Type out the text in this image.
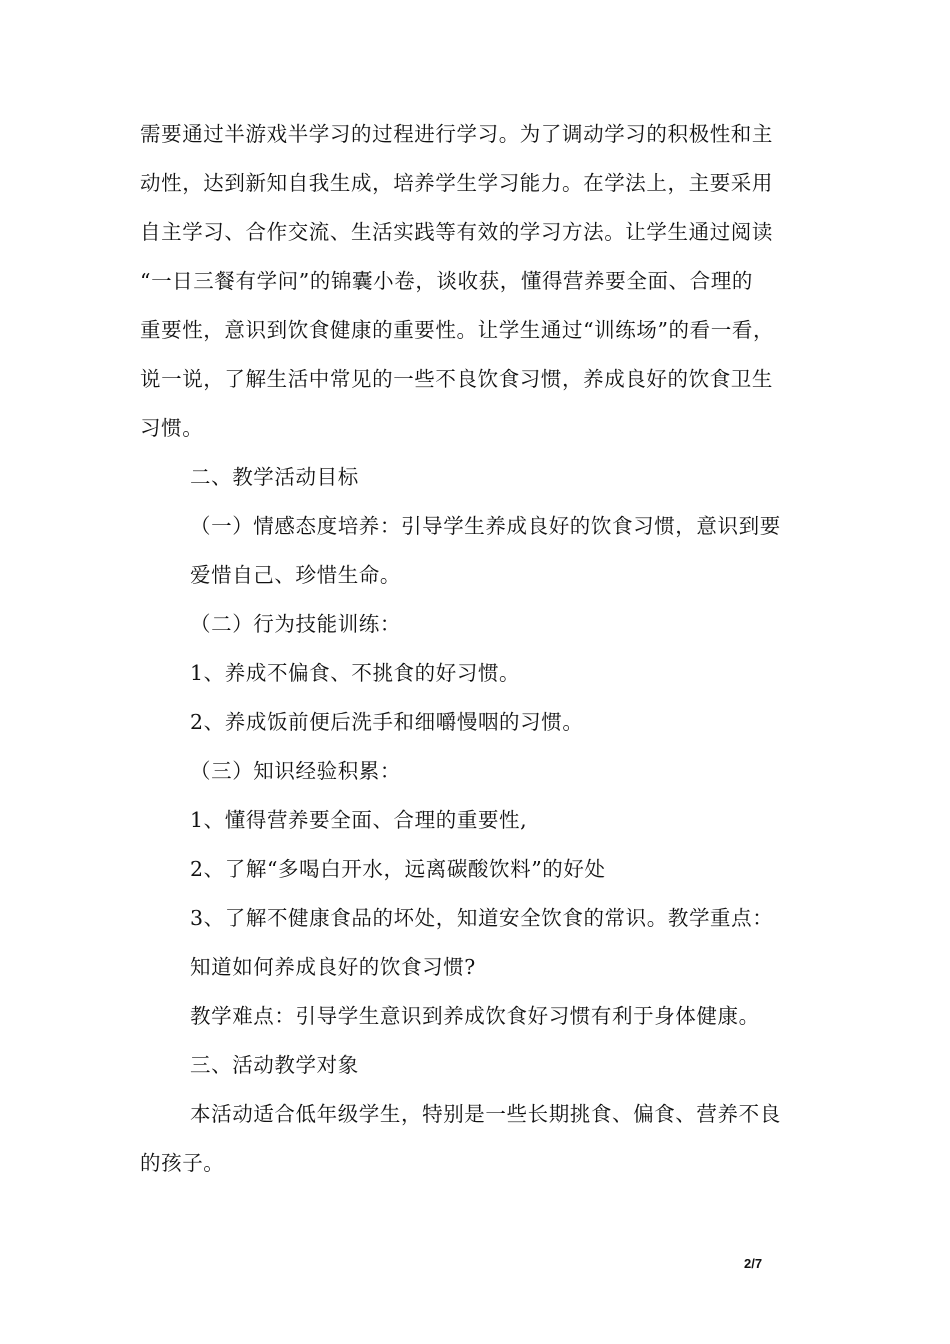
需要通过半游戏半学习的过程进行学习。为了调动学习的积极性和主

动性，达到新知自我生成，培养学生学习能力。在学法上，主要采用

自主学习、合作交流、生活实践等有效的学习方法。让学生通过阅读

“一日三餐有学问”的锦囊小卷，谈收获，懂得营养要全面、合理的

重要性，意识到饮食健康的重要性。让学生通过“训练场”的看一看，

说一说，了解生活中常见的一些不良饮食习惯，养成良好的饮食卫生

习惯。

二、教学活动目标

（一）情感态度培养：引导学生养成良好的饮食习惯，意识到要

爱惜自己、珍惜生命。

（二）行为技能训练：

1、养成不偏食、不挑食的好习惯。

2、养成饭前便后洗手和细嚼慢咽的习惯。

（三）知识经验积累：

1、懂得营养要全面、合理的重要性,

2、了解“多喝白开水，远离碳酸饮料”的好处

3、了解不健康食品的坏处，知道安全饮食的常识。教学重点：

知道如何养成良好的饮食习惯?

教学难点：引导学生意识到养成饮食好习惯有利于身体健康。

三、活动教学对象

本活动适合低年级学生，特别是一些长期挑食、偏食、营养不良

的孩子。

2/7
